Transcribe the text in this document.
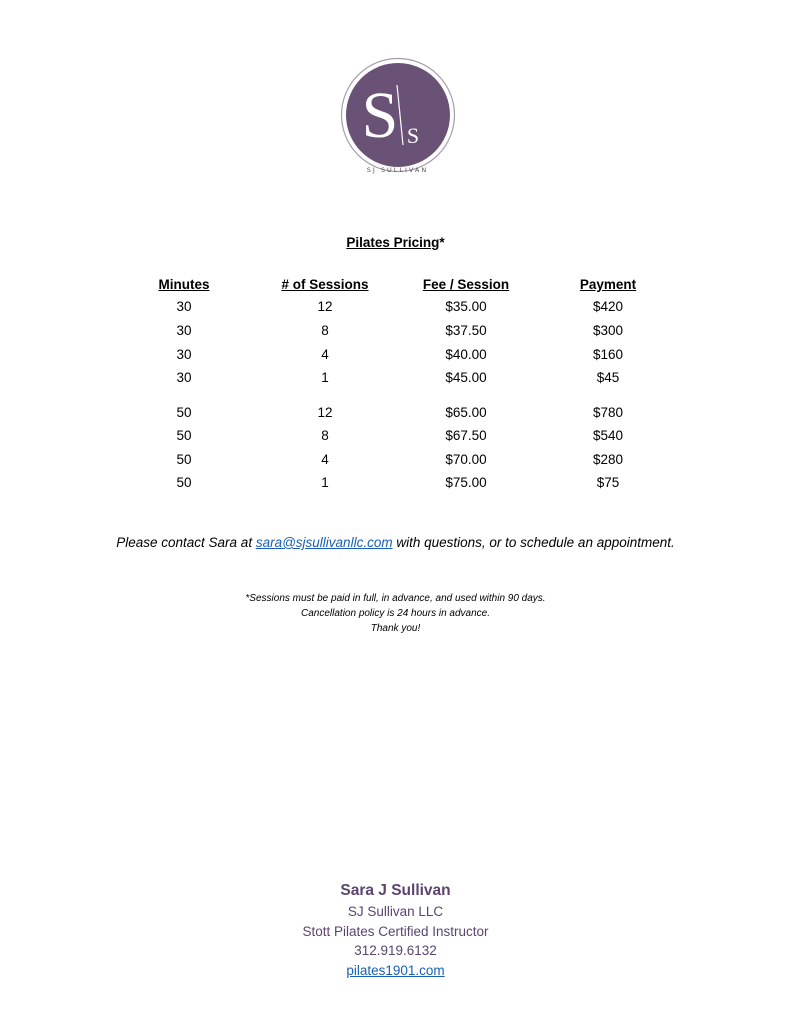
S S
SJ SULLIVAN
Pilates Pricing*
Minutes	# of Sessions	Fee / Session	Payment
30	12	$35.00	$420
30	8	$37.50	$300
30	4	$40.00	$160
30	1	$45.00	$45
50	12	$65.00	$780
50	8	$67.50	$540
50	4	$70.00	$280
50	1	$75.00	$75
Please contact Sara at sara@sjsullivanllc.com with questions, or to schedule an appointment.
*Sessions must be paid in full, in advance, and used within 90 days.
Cancellation policy is 24 hours in advance.
Thank you!
Sara J Sullivan
SJ Sullivan LLC
Stott Pilates Certified Instructor
312.919.6132
pilates1901.com
